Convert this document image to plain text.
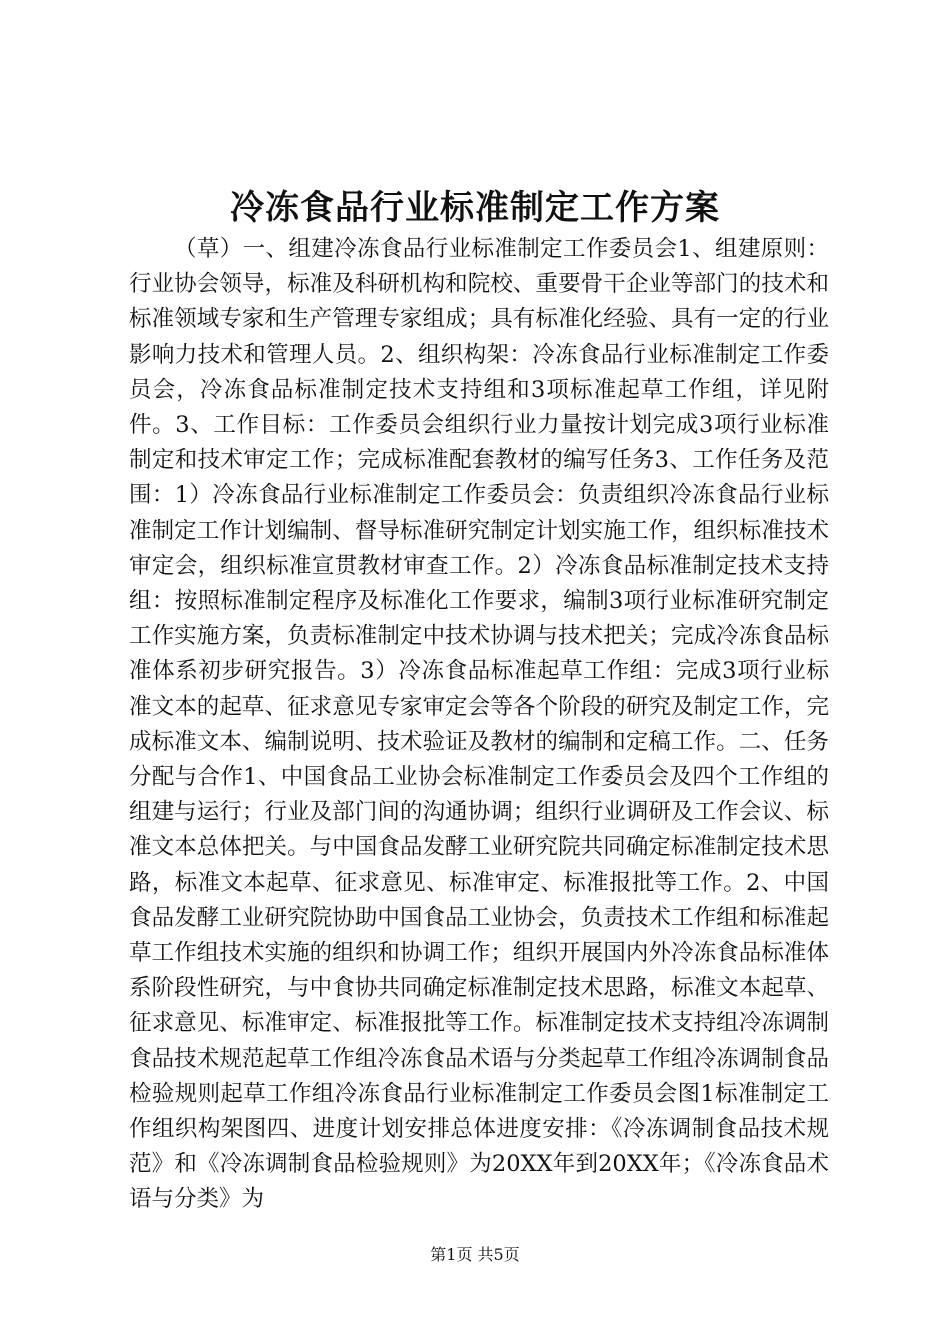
冷冻食品行业标准制定工作方案

（草）一、组建冷冻食品行业标准制定工作委员会1、组建原则：行业协会领导，标准及科研机构和院校、重要骨干企业等部门的技术和标准领域专家和生产管理专家组成；具有标准化经验、具有一定的行业影响力技术和管理人员。2、组织构架：冷冻食品行业标准制定工作委员会，冷冻食品标准制定技术支持组和3项标准起草工作组，详见附件。3、工作目标：工作委员会组织行业力量按计划完成3项行业标准制定和技术审定工作；完成标准配套教材的编写任务3、工作任务及范围：1）冷冻食品行业标准制定工作委员会：负责组织冷冻食品行业标准制定工作计划编制、督导标准研究制定计划实施工作，组织标准技术审定会，组织标准宣贯教材审查工作。2）冷冻食品标准制定技术支持组：按照标准制定程序及标准化工作要求，编制3项行业标准研究制定工作实施方案，负责标准制定中技术协调与技术把关；完成冷冻食品标准体系初步研究报告。3）冷冻食品标准起草工作组：完成3项行业标准文本的起草、征求意见专家审定会等各个阶段的研究及制定工作，完成标准文本、编制说明、技术验证及教材的编制和定稿工作。二、任务分配与合作1、中国食品工业协会标准制定工作委员会及四个工作组的组建与运行；行业及部门间的沟通协调；组织行业调研及工作会议、标准文本总体把关。与中国食品发酵工业研究院共同确定标准制定技术思路，标准文本起草、征求意见、标准审定、标准报批等工作。2、中国食品发酵工业研究院协助中国食品工业协会，负责技术工作组和标准起草工作组技术实施的组织和协调工作；组织开展国内外冷冻食品标准体系阶段性研究，与中食协共同确定标准制定技术思路，标准文本起草、征求意见、标准审定、标准报批等工作。标准制定技术支持组冷冻调制食品技术规范起草工作组冷冻食品术语与分类起草工作组冷冻调制食品检验规则起草工作组冷冻食品行业标准制定工作委员会图1标准制定工作组织构架图四、进度计划安排总体进度安排：《冷冻调制食品技术规范》和《冷冻调制食品检验规则》为20XX年到20XX年；《冷冻食品术语与分类》为

第1页 共5页
